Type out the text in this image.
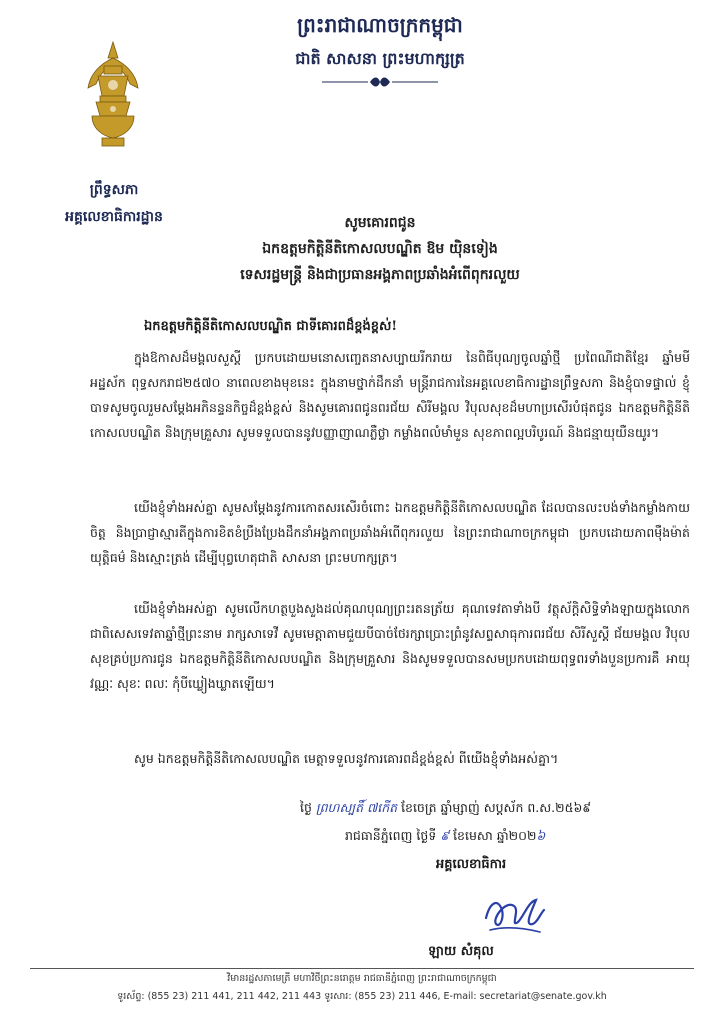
ព្រះរាជាណាចក្រកម្ពុជា
ជាតិ សាសនា ព្រះមហាក្សត្រ
ព្រឹទ្ធសភា
អគ្គលេខាធិការដ្ឋាន	សូមគោរពជូន
ឯកឧត្តមកិត្តិនីតិកោសលបណ្ឌិត ឱម យ៉ិនទៀង
ទេសរដ្ឋមន្ត្រី និងជាប្រធានអង្គភាពប្រឆាំងអំពើពុករលួយ
ឯកឧត្តមកិត្តិនីតិកោសលបណ្ឌិត ជាទីគោរពដ៏ខ្ពង់ខ្ពស់!
ក្នុងឱកាសដ៏មង្គលសួស្តី ប្រកបដោយមនោសញ្ចេតនាសប្បាយរីករាយ នៃពិធីបុណ្យចូលឆ្នាំថ្មី ប្រពៃណីជាតិខ្មែរ ឆ្នាំមមី អដ្ឋស័ក ពុទ្ធសករាជ២៥៧០ នាពេលខាងមុខនេះ ក្នុងនាមថ្នាក់ដឹកនាំ មន្ត្រីរាជការនៃអគ្គលេខាធិការដ្ឋានព្រឹទ្ធសភា និងខ្ញុំបាទផ្ទាល់ ខ្ញុំបាទសូមចូលរួមសម្តែងអភិនន្ទនកិច្ចដ៏ខ្ពង់ខ្ពស់ និងសូមគោរពជូនពរជ័យ សិរីមង្គល វិបុលសុខដ៏មហាប្រសើរបំផុតជូន ឯកឧត្តមកិត្តិនីតិកោសលបណ្ឌិត និងក្រុមគ្រួសារ សូមទទួលបាននូវបញ្ញាញាណភ្លឺថ្លា កម្លាំងពលំមាំមួន សុខភាពល្អបរិបូរណ៍ និងជន្មាយុយឺនយូរ។
យើងខ្ញុំទាំងអស់គ្នា សូមសម្តែងនូវការកោតសរសើរចំពោះ ឯកឧត្តមកិត្តិនីតិកោសលបណ្ឌិត ដែលបានលះបង់ទាំងកម្លាំងកាយចិត្ត និងប្រាជ្ញាស្មារតីក្នុងការខិតខំប្រឹងប្រែងដឹកនាំអង្គភាពប្រឆាំងអំពើពុករលួយ នៃព្រះរាជាណាចក្រកម្ពុជា ប្រកបដោយភាពម៉ឺងម៉ាត់ យុត្តិធម៌ និងស្មោះត្រង់ ដើម្បីបុព្វហេតុជាតិ សាសនា ព្រះមហាក្សត្រ។
យើងខ្ញុំទាំងអស់គ្នា សូមលើកហត្ថបួងសួងដល់គុណបុណ្យព្រះរតនត្រ័យ គុណទេវតាទាំងបី វត្ថុស័ក្តិសិទ្ធិទាំងឡាយក្នុងលោក ជាពិសេសទេវតាឆ្នាំថ្មីព្រះនាម រាក្សសាទេវី សូមមេត្តាតាមជួយបីបាច់ថែរក្សាប្រោះព្រំនូវសព្ទសាធុការពរជ័យ សិរីសួស្តី ជ័យមង្គល វិបុលសុខគ្រប់ប្រការជូន ឯកឧត្តមកិត្តិនីតិកោសលបណ្ឌិត និងក្រុមគ្រួសារ និងសូមទទួលបានសមប្រកបដោយពុទ្ធពរទាំងបួនប្រការគឺ អាយុ វណ្ណៈ សុខៈ ពលៈ កុំបីឃ្លៀងឃ្លាតឡើយ។
សូម ឯកឧត្តមកិត្តិនីតិកោសលបណ្ឌិត មេត្តាទទួលនូវការគោរពដ៏ខ្ពង់ខ្ពស់ ពីយើងខ្ញុំទាំងអស់គ្នា។
ថ្ងៃ ព្រហស្បតិ៍ ៧កើត ខែចេត្រ ឆ្នាំម្សាញ់ សប្តស័ក ព.ស.២៥៦៩
រាជធានីភ្នំពេញ ថ្ងៃទី ៩ ខែមេសា ឆ្នាំ២០២៦
អគ្គលេខាធិការ
ឡាយ សំគុល
វិមានរដ្ឋសភាមេត្រី មហាវិថីព្រះនរោត្តម រាជធានីភ្នំពេញ ព្រះរាជាណាចក្រកម្ពុជា
ទូរស័ព្ទ: (855 23) 211 441, 211 442, 211 443 ទូរសារ: (855 23) 211 446, E-mail: secretariat@senate.gov.kh
